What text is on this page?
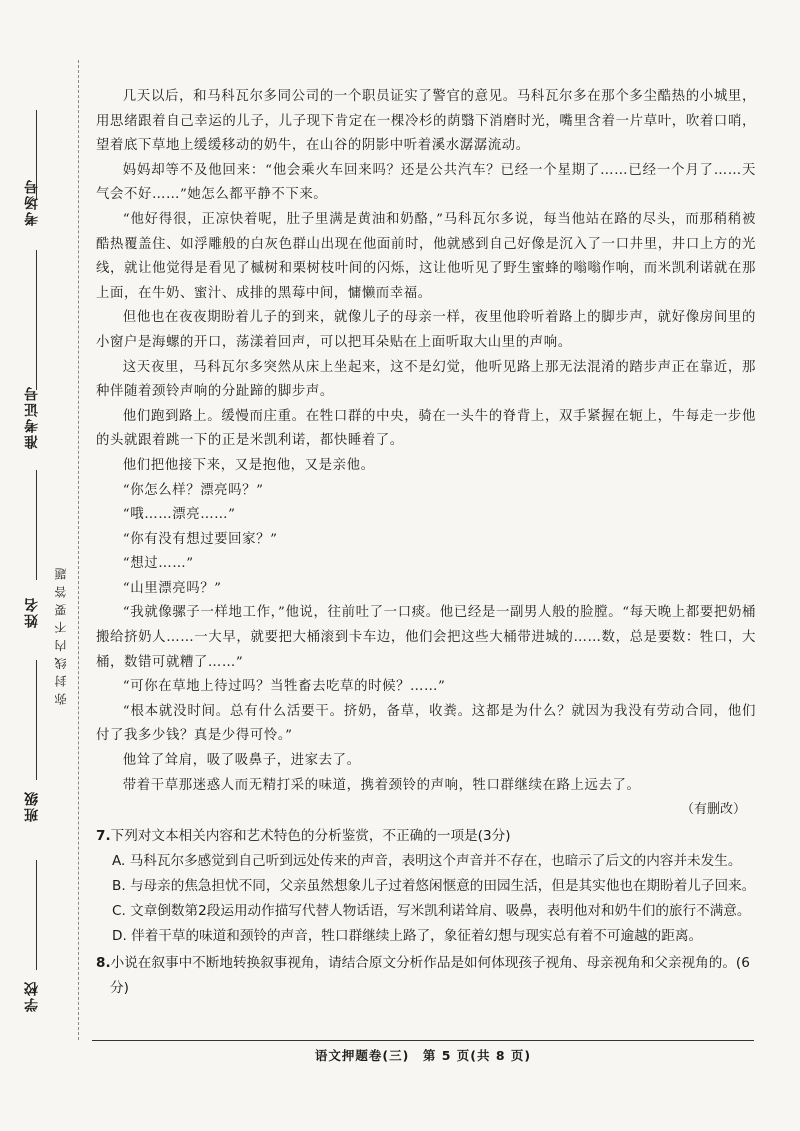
考场号
准考证号
姓名
班级
学校
弥 封 线 内 不 要 答 题

几天以后，和马科瓦尔多同公司的一个职员证实了警官的意见。马科瓦尔多在那个多尘酷热的小城里，用思绪跟着自己幸运的儿子，儿子现下肯定在一棵冷杉的荫翳下消磨时光，嘴里含着一片草叶，吹着口哨，望着底下草地上缓缓移动的奶牛，在山谷的阴影中听着溪水潺潺流动。

妈妈却等不及他回来：“他会乘火车回来吗？还是公共汽车？已经一个星期了……已经一个月了……天气会不好……”她怎么都平静不下来。

“他好得很，正凉快着呢，肚子里满是黄油和奶酪，”马科瓦尔多说，每当他站在路的尽头，而那稍稍被酷热覆盖住、如浮雕般的白灰色群山出现在他面前时，他就感到自己好像是沉入了一口井里，井口上方的光线，就让他觉得是看见了槭树和栗树枝叶间的闪烁，这让他听见了野生蜜蜂的嗡嗡作响，而米凯利诺就在那上面，在牛奶、蜜汁、成排的黑莓中间，慵懒而幸福。

但他也在夜夜期盼着儿子的到来，就像儿子的母亲一样，夜里他聆听着路上的脚步声，就好像房间里的小窗户是海螺的开口，荡漾着回声，可以把耳朵贴在上面听取大山里的声响。

这天夜里，马科瓦尔多突然从床上坐起来，这不是幻觉，他听见路上那无法混淆的踏步声正在靠近，那种伴随着颈铃声响的分趾蹄的脚步声。

他们跑到路上。缓慢而庄重。在牲口群的中央，骑在一头牛的脊背上，双手紧握在轭上，牛每走一步他的头就跟着跳一下的正是米凯利诺，都快睡着了。

他们把他接下来，又是抱他，又是亲他。

“你怎么样？漂亮吗？”

“哦……漂亮……”

“你有没有想过要回家？”

“想过……”

“山里漂亮吗？”

“我就像骡子一样地工作，”他说，往前吐了一口痰。他已经是一副男人般的脸膛。“每天晚上都要把奶桶搬给挤奶人……一大早，就要把大桶滚到卡车边，他们会把这些大桶带进城的……数，总是要数：牲口，大桶，数错可就糟了……”

“可你在草地上待过吗？当牲畜去吃草的时候？……”

“根本就没时间。总有什么活要干。挤奶，备草，收粪。这都是为什么？就因为我没有劳动合同，他们付了我多少钱？真是少得可怜。”

他耸了耸肩，吸了吸鼻子，进家去了。

带着干草那迷惑人而无精打采的味道，携着颈铃的声响，牲口群继续在路上远去了。

（有删改）

7.下列对文本相关内容和艺术特色的分析鉴赏，不正确的一项是(3分)

A. 马科瓦尔多感觉到自己听到远处传来的声音，表明这个声音并不存在，也暗示了后文的内容并未发生。
B. 与母亲的焦急担忧不同，父亲虽然想象儿子过着悠闲惬意的田园生活，但是其实他也在期盼着儿子回来。
C. 文章倒数第2段运用动作描写代替人物话语，写米凯利诺耸肩、吸鼻，表明他对和奶牛们的旅行不满意。
D. 伴着干草的味道和颈铃的声音，牲口群继续上路了，象征着幻想与现实总有着不可逾越的距离。

8.小说在叙事中不断地转换叙事视角，请结合原文分析作品是如何体现孩子视角、母亲视角和父亲视角的。(6分)

语文押题卷(三)　第 5 页(共 8 页)
